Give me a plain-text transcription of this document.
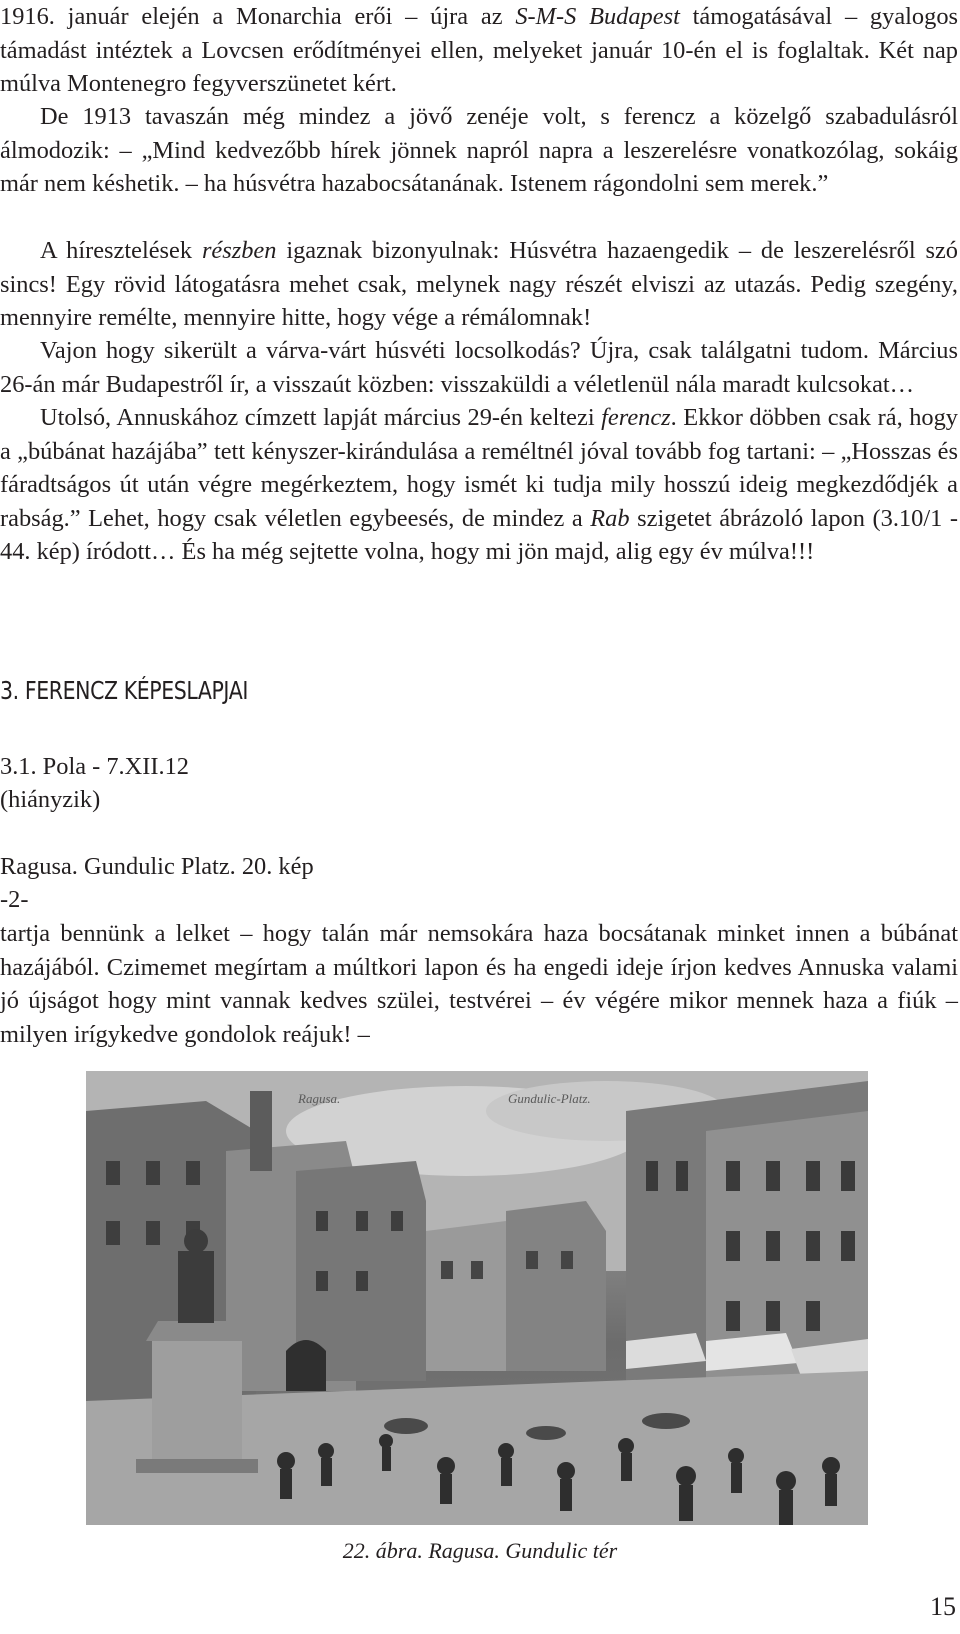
1916. január elején a Monarchia erői – újra az S-M-S Budapest támogatásával – gyalogos támadást intéztek a Lovcsen erődítményei ellen, melyeket január 10-én el is foglaltak. Két nap múlva Montenegro fegyverszünetet kért.

De 1913 tavaszán még mindez a jövő zenéje volt, s ferencz a közelgő szabadulásról álmodozik: – „Mind kedvezőbb hírek jönnek napról napra a leszerelésre vonatkozólag, sokáig már nem késhetik. – ha húsvétra hazabocsátanának. Istenem rágondolni sem merek.”

A híresztelések részben igaznak bizonyulnak: Húsvétra hazaengedik – de leszerelésről szó sincs! Egy rövid látogatásra mehet csak, melynek nagy részét elviszi az utazás. Pedig szegény, mennyire remélte, mennyire hitte, hogy vége a rémálomnak!

Vajon hogy sikerült a várva-várt húsvéti locsolkodás? Újra, csak találgatni tudom. Március 26-án már Budapestről ír, a visszaút közben: visszaküldi a véletlenül nála maradt kulcsokat…

Utolsó, Annuskához címzett lapját március 29-én keltezi ferencz. Ekkor döbben csak rá, hogy a „búbánat hazájába” tett kényszer-kirándulása a reméltnél jóval tovább fog tartani: – „Hosszas és fáradtságos út után végre megérkeztem, hogy ismét ki tudja mily hosszú ideig megkezdődjék a rabság.” Lehet, hogy csak véletlen egybeesés, de mindez a Rab szigetet ábrázoló lapon (3.10/1 - 44. kép) íródott… És ha még sejtette volna, hogy mi jön majd, alig egy év múlva!!!

3. FERENCZ KÉPESLAPJAI

3.1. Pola - 7.XII.12

(hiányzik)

Ragusa. Gundulic Platz. 20. kép

-2-

tartja bennünk a lelket – hogy talán már nemsokára haza bocsátanak minket innen a búbánat hazájából. Czimemet megírtam a múltkori lapon és ha engedi ideje írjon kedves Annuska valami jó újságot hogy mint vannak kedves szülei, testvérei – év végére mikor mennek haza a fiúk – milyen irígykedve gondolok reájuk! –

Ragusa.	Gundulic-Platz.

22. ábra. Ragusa. Gundulic tér

15
